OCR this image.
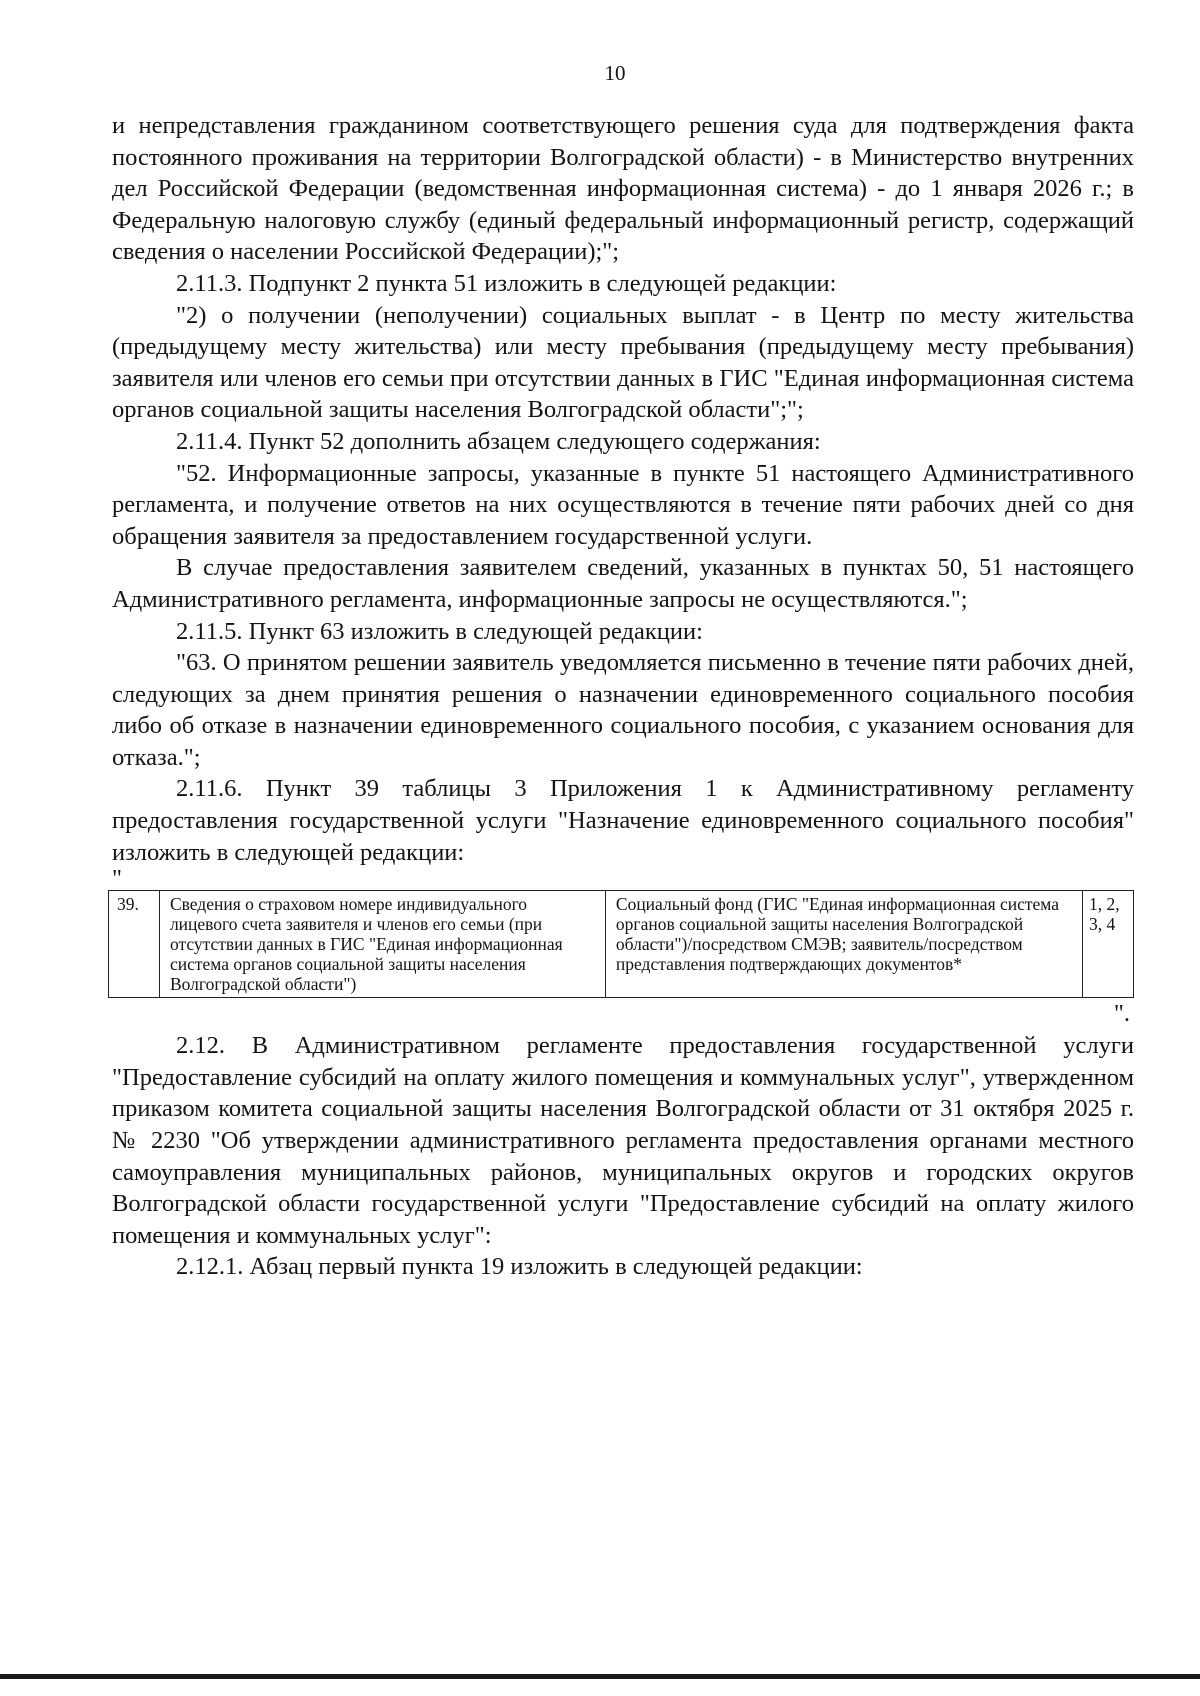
10

и непредставления гражданином соответствующего решения суда для подтверждения факта постоянного проживания на территории Волгоградской области) - в Министерство внутренних дел Российской Федерации (ведомственная информационная система) - до 1 января 2026 г.; в Федеральную налоговую службу (единый федеральный информационный регистр, содержащий сведения о населении Российской Федерации);";

2.11.3. Подпункт 2 пункта 51 изложить в следующей редакции:

"2) о получении (неполучении) социальных выплат - в Центр по месту жительства (предыдущему месту жительства) или месту пребывания (предыдущему месту пребывания) заявителя или членов его семьи при отсутствии данных в ГИС "Единая информационная система органов социальной защиты населения Волгоградской области";";

2.11.4. Пункт 52 дополнить абзацем следующего содержания:

"52. Информационные запросы, указанные в пункте 51 настоящего Административного регламента, и получение ответов на них осуществляются в течение пяти рабочих дней со дня обращения заявителя за предоставлением государственной услуги.

В случае предоставления заявителем сведений, указанных в пунктах 50, 51 настоящего Административного регламента, информационные запросы не осуществляются.";

2.11.5. Пункт 63 изложить в следующей редакции:

"63. О принятом решении заявитель уведомляется письменно в течение пяти рабочих дней, следующих за днем принятия решения о назначении единовременного социального пособия либо об отказе в назначении единовременного социального пособия, с указанием основания для отказа.";

2.11.6. Пункт 39 таблицы 3 Приложения 1 к Административному регламенту предоставления государственной услуги "Назначение единовременного социального пособия" изложить в следующей редакции:

"

39.	Сведения о страховом номере индивидуального лицевого счета заявителя и членов его семьи (при отсутствии данных в ГИС "Единая информационная система органов социальной защиты населения Волгоградской области")	Социальный фонд (ГИС "Единая информационная система органов социальной защиты населения Волгоградской области")/посредством СМЭВ; заявитель/посредством представления подтверждающих документов*	1, 2, 3, 4
".

2.12. В Административном регламенте предоставления государственной услуги "Предоставление субсидий на оплату жилого помещения и коммунальных услуг", утвержденном приказом комитета социальной защиты населения Волгоградской области от 31 октября 2025 г. № 2230 "Об утверждении административного регламента предоставления органами местного самоуправления муниципальных районов, муниципальных округов и городских округов Волгоградской области государственной услуги "Предоставление субсидий на оплату жилого помещения и коммунальных услуг":

2.12.1. Абзац первый пункта 19 изложить в следующей редакции:
